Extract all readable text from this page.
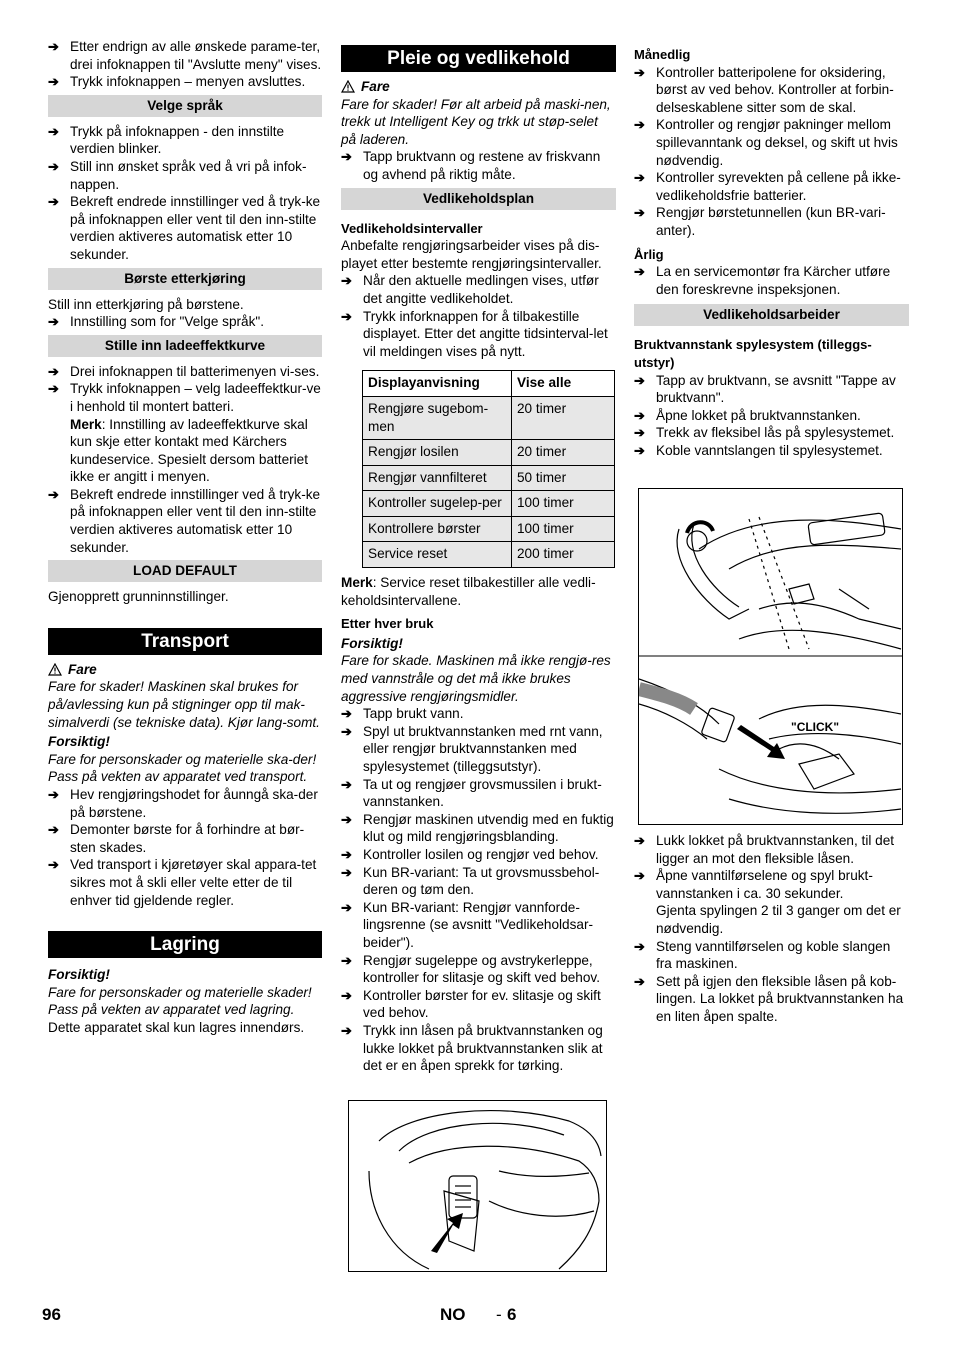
➔ Etter endrign av alle ønskede parame-ter, drei infoknappen til "Avslutte meny" vises.
➔ Trykk infoknappen – menyen avsluttes.
Velge språk
➔ Trykk på infoknappen - den innstilte verdien blinker.
➔ Still inn ønsket språk ved å vri på infok-nappen.
➔ Bekreft endrede innstillinger ved å tryk-ke på infoknappen eller vent til den inn-stilte verdien aktiveres automatisk etter 10 sekunder.
Børste etterkjøring
Still inn etterkjøring på børstene.
➔ Innstilling som for "Velge språk".
Stille inn ladeeffektkurve
➔ Drei infoknappen til batterimenyen vi-ses.
➔ Trykk infoknappen – velg ladeeffektkur-ve i henhold til montert batteri.
Merk: Innstilling av ladeeffektkurve skal kun skje etter kontakt med Kärchers kundeservice. Spesielt dersom batteriet ikke er angitt i menyen.
➔ Bekreft endrede innstillinger ved å tryk-ke på infoknappen eller vent til den inn-stilte verdien aktiveres automatisk etter 10 sekunder.
LOAD DEFAULT
Gjenopprett grunninnstillinger.
Transport
Fare
Fare for skader! Maskinen skal brukes for på/avlessing kun på stigninger opp til mak-simalverdi (se tekniske data). Kjør lang-somt.
Forsiktig!
Fare for personskader og materielle ska-der! Pass på vekten av apparatet ved transport.
➔ Hev rengjøringshodet for åunngå ska-der på børstene.
➔ Demonter børste for å forhindre at bør-sten skades.
➔ Ved transport i kjøretøyer skal appara-tet sikres mot å skli eller velte etter de til enhver tid gjeldende regler.
Lagring
Forsiktig!
Fare for personskader og materielle skader! Pass på vekten av apparatet ved lagring.
Dette apparatet skal kun lagres innendørs.
Pleie og vedlikehold
Fare
Fare for skader! Før alt arbeid på maski-nen, trekk ut Intelligent Key og trkk ut støp-selet på laderen.
➔ Tapp bruktvann og restene av friskvann og avhend på riktig måte.
Vedlikeholdsplan
Vedlikeholdsintervaller
Anbefalte rengjøringsarbeider vises på dis-playet etter bestemte rengjøringsintervaller.
➔ Når den aktuelle medlingen vises, utfør det angitte vedlikeholdet.
➔ Trykk inforknappen for å tilbakestille displayet. Etter det angitte tidsinterval-let vil meldingen vises på nytt.
Displayanvisning	Vise alle
Rengjøre sugebom-men	20 timer
Rengjør losilen	20 timer
Rengjør vannfilteret	50 timer
Kontroller sugelep-per	100 timer
Kontrollere børster	100 timer
Service reset	200 timer
Merk: Service reset tilbakestiller alle vedli-keholdsintervallene.
Etter hver bruk
Forsiktig!
Fare for skade. Maskinen må ikke rengjø-res med vannstråle og det må ikke brukes aggressive rengjøringsmidler.
➔ Tapp brukt vann.
➔ Spyl ut bruktvannstanken med rnt vann, eller rengjør bruktvannstanken med spylesystemet (tilleggsutstyr).
➔ Ta ut og rengjøer grovsmussilen i brukt-vannstanken.
➔ Rengjør maskinen utvendig med en fuktig klut og mild rengjøringsblanding.
➔ Kontroller losilen og rengjør ved behov.
➔ Kun BR-variant: Ta ut grovsmussbehol-deren og tøm den.
➔ Kun BR-variant: Rengjør vannforde-lingsrenne (se avsnitt "Vedlikeholdsar-beider").
➔ Rengjør sugeleppe og avstrykerleppe, kontroller for slitasje og skift ved behov.
➔ Kontroller børster for ev. slitasje og skift ved behov.
➔ Trykk inn låsen på bruktvannstanken og lukke lokket på bruktvannstanken slik at det er en åpen sprekk for tørking.
Månedlig
➔ Kontroller batteripolene for oksidering, børst av ved behov. Kontroller at forbin-delseskablene sitter som de skal.
➔ Kontroller og rengjør pakninger mellom spillevanntank og deksel, og skift ut hvis nødvendig.
➔ Kontroller syrevekten på cellene på ikke-vedlikeholdsfrie batterier.
➔ Rengjør børstetunnellen (kun BR-vari-anter).
Årlig
➔ La en servicemontør fra Kärcher utføre den foreskrevne inspeksjonen.
Vedlikeholdsarbeider
Bruktvannstank spylesystem (tilleggs-utstyr)
➔ Tapp av bruktvann, se avsnitt "Tappe av bruktvann".
➔ Åpne lokket på bruktvannstanken.
➔ Trekk av fleksibel lås på spylesystemet.
➔ Koble vanntslangen til spylesystemet.
"CLICK"
➔ Lukk lokket på bruktvannstanken, til det ligger an mot den fleksible låsen.
➔ Åpne vanntilførselene og spyl brukt-vannstanken i ca. 30 sekunder.
Gjenta spylingen 2 til 3 ganger om det er nødvendig.
➔ Steng vanntilførselen og koble slangen fra maskinen.
➔ Sett på igjen den fleksible låsen på kob-lingen. La lokket på bruktvannstanken ha en liten åpen spalte.
96	NO - 6
